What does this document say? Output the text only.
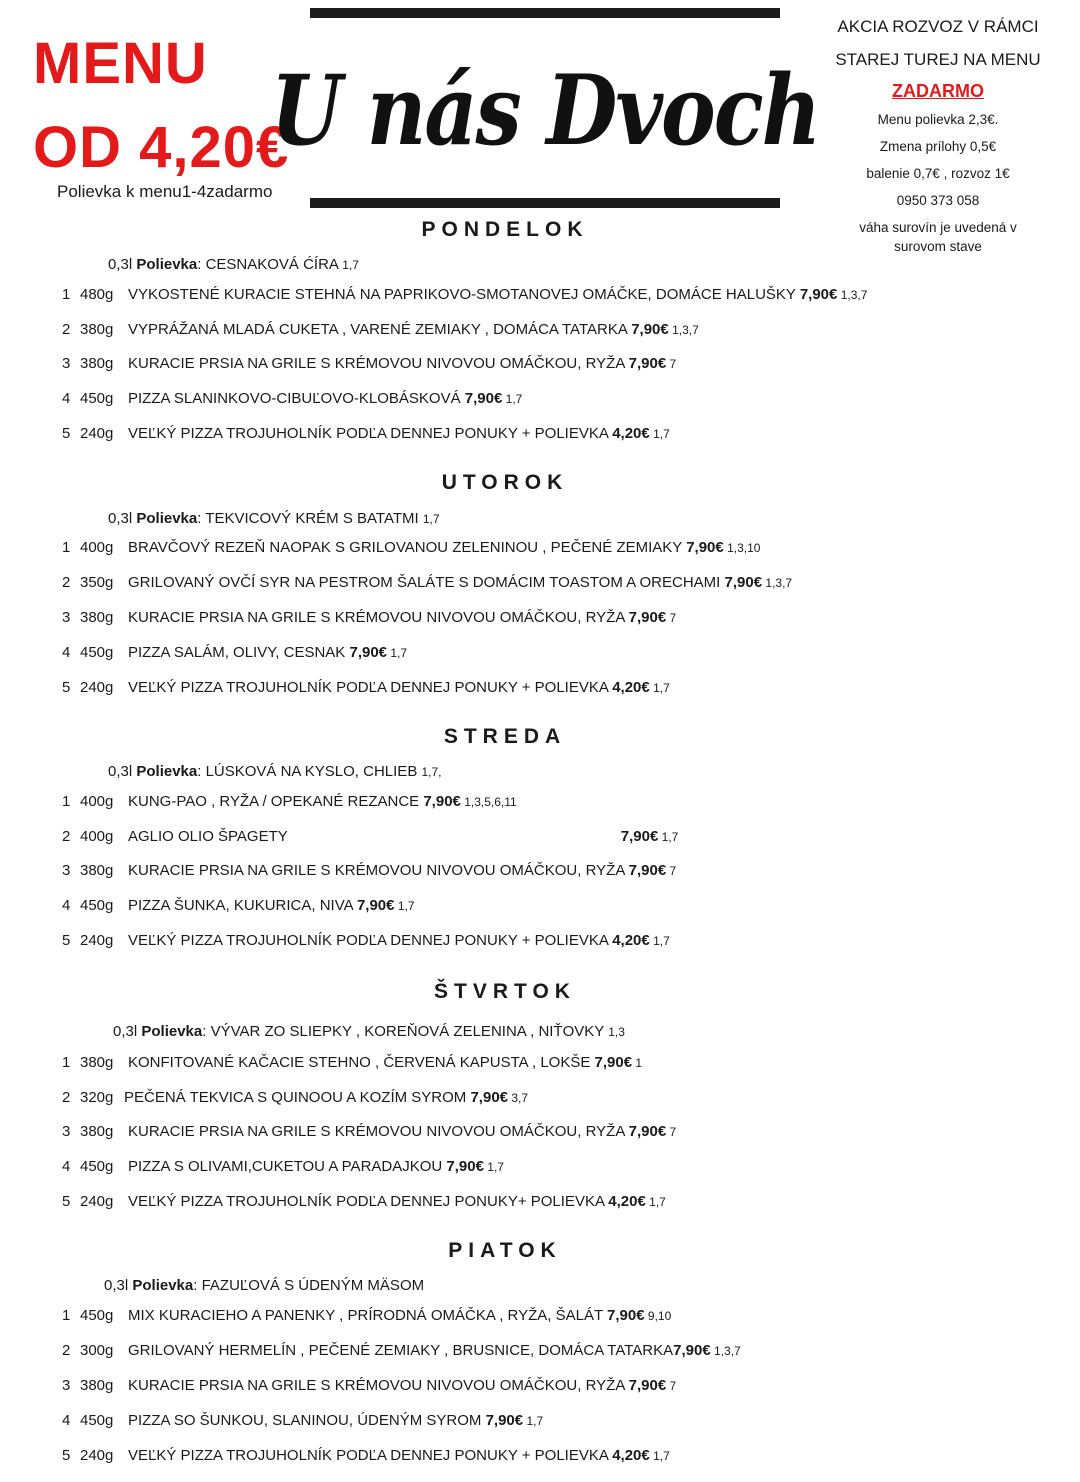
MENU
OD 4,20€
Polievka k menu1-4zadarmo
U nás Dvoch
AKCIA ROZVOZ V RÁMCI
STAREJ TUREJ NA MENU
ZADARMO
Menu polievka 2,3€.
Zmena prílohy 0,5€
balenie 0,7€ , rozvoz 1€
0950 373 058
váha surovín je uvedená v surovom stave
PONDELOK
0,3l Polievka: CESNAKOVÁ ĆÍRA 1,7
1 480g VYKOSTENÉ KURACIE STEHNÁ NA PAPRIKOVO-SMOTANOVEJ OMÁČKE, DOMÁCE HALUŠKY 7,90€ 1,3,7
2 380g VYPRÁŽANÁ MLADÁ CUKETA , VARENÉ ZEMIAKY , DOMÁCA TATARKA 7,90€ 1,3,7
3 380g KURACIE PRSIA NA GRILE S KRÉMOVOU NIVOVOU OMÁČKOU, RYŽA 7,90€ 7
4 450g PIZZA SLANINKOVO-CIBUĽOVO-KLOBÁSKOVÁ 7,90€ 1,7
5 240g VEĽKÝ PIZZA TROJUHOLNÍK PODĽA DENNEJ PONUKY + POLIEVKA 4,20€ 1,7
UTOROK
0,3l Polievka: TEKVICOVÝ KRÉM S BATATMI 1,7
1 400g BRAVČOVÝ REZEŇ NAOPAK S GRILOVANOU ZELENINOU , PEČENÉ ZEMIAKY 7,90€ 1,3,10
2 350g GRILOVANÝ OVČÍ SYR NA PESTROM ŠALÁTE S DOMÁCIM TOASTOM A ORECHAMI 7,90€ 1,3,7
3 380g KURACIE PRSIA NA GRILE S KRÉMOVOU NIVOVOU OMÁČKOU, RYŽA 7,90€ 7
4 450g PIZZA SALÁM, OLIVY, CESNAK 7,90€ 1,7
5 240g VEĽKÝ PIZZA TROJUHOLNÍK PODĽA DENNEJ PONUKY + POLIEVKA 4,20€ 1,7
STREDA
0,3l Polievka: LÚSKOVÁ NA KYSLO, CHLIEB 1,7,
1 400g KUNG-PAO , RYŽA / OPEKANÉ REZANCE 7,90€ 1,3,5,6,11
2 400g AGLIO OLIO ŠPAGETY	7,90€ 1,7
3 380g KURACIE PRSIA NA GRILE S KRÉMOVOU NIVOVOU OMÁČKOU, RYŽA 7,90€ 7
4 450g PIZZA ŠUNKA, KUKURICA, NIVA 7,90€ 1,7
5 240g VEĽKÝ PIZZA TROJUHOLNÍK PODĽA DENNEJ PONUKY + POLIEVKA 4,20€ 1,7
ŠTVRTOK
0,3l Polievka: VÝVAR ZO SLIEPKY , KOREŇOVÁ ZELENINA , NIŤOVKY 1,3
1 380g KONFITOVANÉ KAČACIE STEHNO , ČERVENÁ KAPUSTA , LOKŠE 7,90€ 1
2 320g PEČENÁ TEKVICA S QUINOOU A KOZÍM SYROM 7,90€ 3,7
3 380g KURACIE PRSIA NA GRILE S KRÉMOVOU NIVOVOU OMÁČKOU, RYŽA 7,90€ 7
4 450g PIZZA S OLIVAMI,CUKETOU A PARADAJKOU 7,90€ 1,7
5 240g VEĽKÝ PIZZA TROJUHOLNÍK PODĽA DENNEJ PONUKY+ POLIEVKA 4,20€ 1,7
PIATOK
0,3l Polievka: FAZUĽOVÁ S ÚDENÝM MÄSOM
1 450g MIX KURACIEHO A PANENKY , PRÍRODNÁ OMÁČKA , RYŽA, ŠALÁT 7,90€ 9,10
2 300g GRILOVANÝ HERMELÍN , PEČENÉ ZEMIAKY , BRUSNICE, DOMÁCA TATARKA7,90€ 1,3,7
3 380g KURACIE PRSIA NA GRILE S KRÉMOVOU NIVOVOU OMÁČKOU, RYŽA 7,90€ 7
4 450g PIZZA SO ŠUNKOU, SLANINOU, ÚDENÝM SYROM 7,90€ 1,7
5 240g VEĽKÝ PIZZA TROJUHOLNÍK PODĽA DENNEJ PONUKY + POLIEVKA 4,20€ 1,7
